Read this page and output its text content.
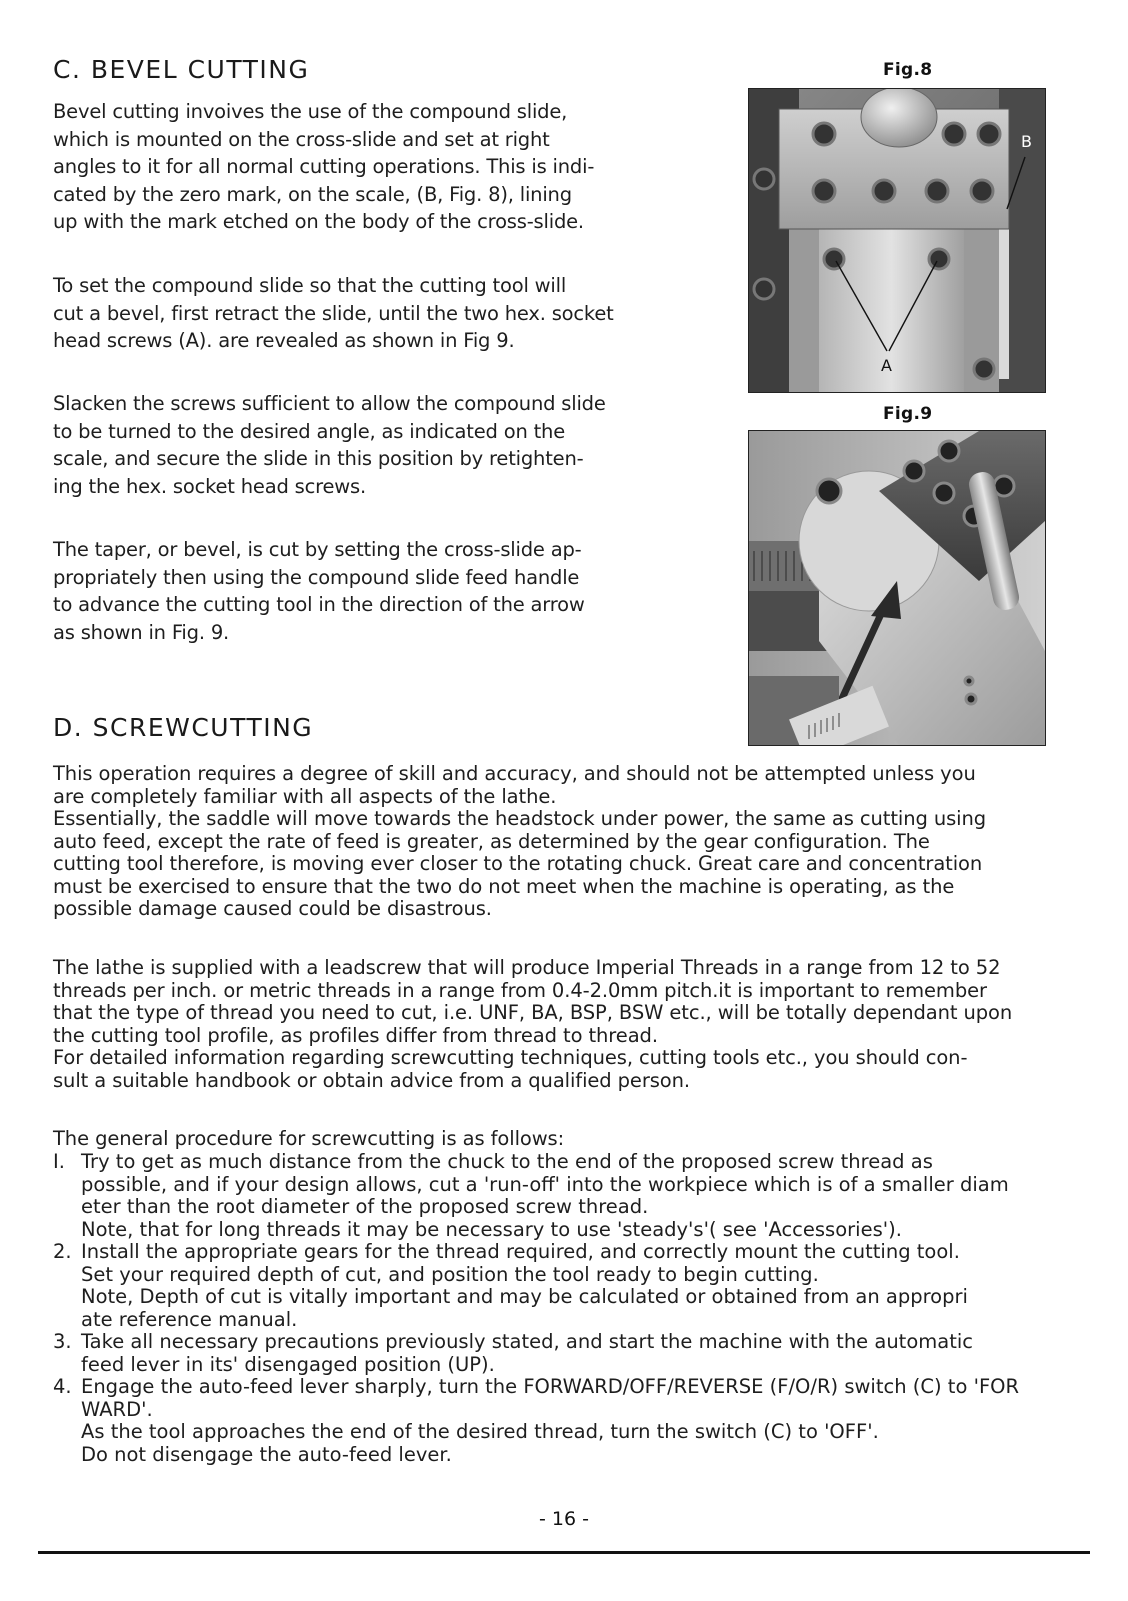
C. BEVEL CUTTING
Bevel cutting invoives the use of the compound slide,
which is mounted on the cross-slide and set at right
angles to it for all normal cutting operations. This is indi-
cated by the zero mark, on the scale, (B, Fig. 8), lining
up with the mark etched on the body of the cross-slide.
To set the compound slide so that the cutting tool will
cut a bevel, first retract the slide, until the two hex. socket
head screws (A). are revealed as shown in Fig 9.
Slacken the screws sufficient to allow the compound slide
to be turned to the desired angle, as indicated on the
scale, and secure the slide in this position by retighten-
ing the hex. socket head screws.
The taper, or bevel, is cut by setting the cross-slide ap-
propriately then using the compound slide feed handle
to advance the cutting tool in the direction of the arrow
as shown in Fig. 9.
Fig.8
A
B
Fig.9
D. SCREWCUTTING
This operation requires a degree of skill and accuracy, and should not be attempted unless you
are completely familiar with all aspects of the lathe.
Essentially, the saddle will move towards the headstock under power, the same as cutting using
auto feed, except the rate of feed is greater, as determined by the gear configuration. The
cutting tool therefore, is moving ever closer to the rotating chuck. Great care and concentration
must be exercised to ensure that the two do not meet when the machine is operating, as the
possible damage caused could be disastrous.
The lathe is supplied with a leadscrew that will produce Imperial Threads in a range from 12 to 52
threads per inch. or metric threads in a range from 0.4-2.0mm pitch.it is important to remember
that the type of thread you need to cut, i.e. UNF, BA, BSP, BSW etc., will be totally dependant upon
the cutting tool profile, as profiles differ from thread to thread.
For detailed information regarding screwcutting techniques, cutting tools etc., you should con-
sult a suitable handbook or obtain advice from a qualified person.
The general procedure for screwcutting is as follows:
I. Try to get as much distance from the chuck to the end of the proposed screw thread as
possible, and if your design allows, cut a 'run-off' into the workpiece which is of a smaller diam
eter than the root diameter of the proposed screw thread.
Note, that for long threads it may be necessary to use 'steady's'( see 'Accessories').
2. Install the appropriate gears for the thread required, and correctly mount the cutting tool.
Set your required depth of cut, and position the tool ready to begin cutting.
Note, Depth of cut is vitally important and may be calculated or obtained from an appropri
ate reference manual.
3. Take all necessary precautions previously stated, and start the machine with the automatic
feed lever in its' disengaged position (UP).
4. Engage the auto-feed lever sharply, turn the FORWARD/OFF/REVERSE (F/O/R) switch (C) to 'FOR
WARD'.
As the tool approaches the end of the desired thread, turn the switch (C) to 'OFF'.
Do not disengage the auto-feed lever.
- 16 -
